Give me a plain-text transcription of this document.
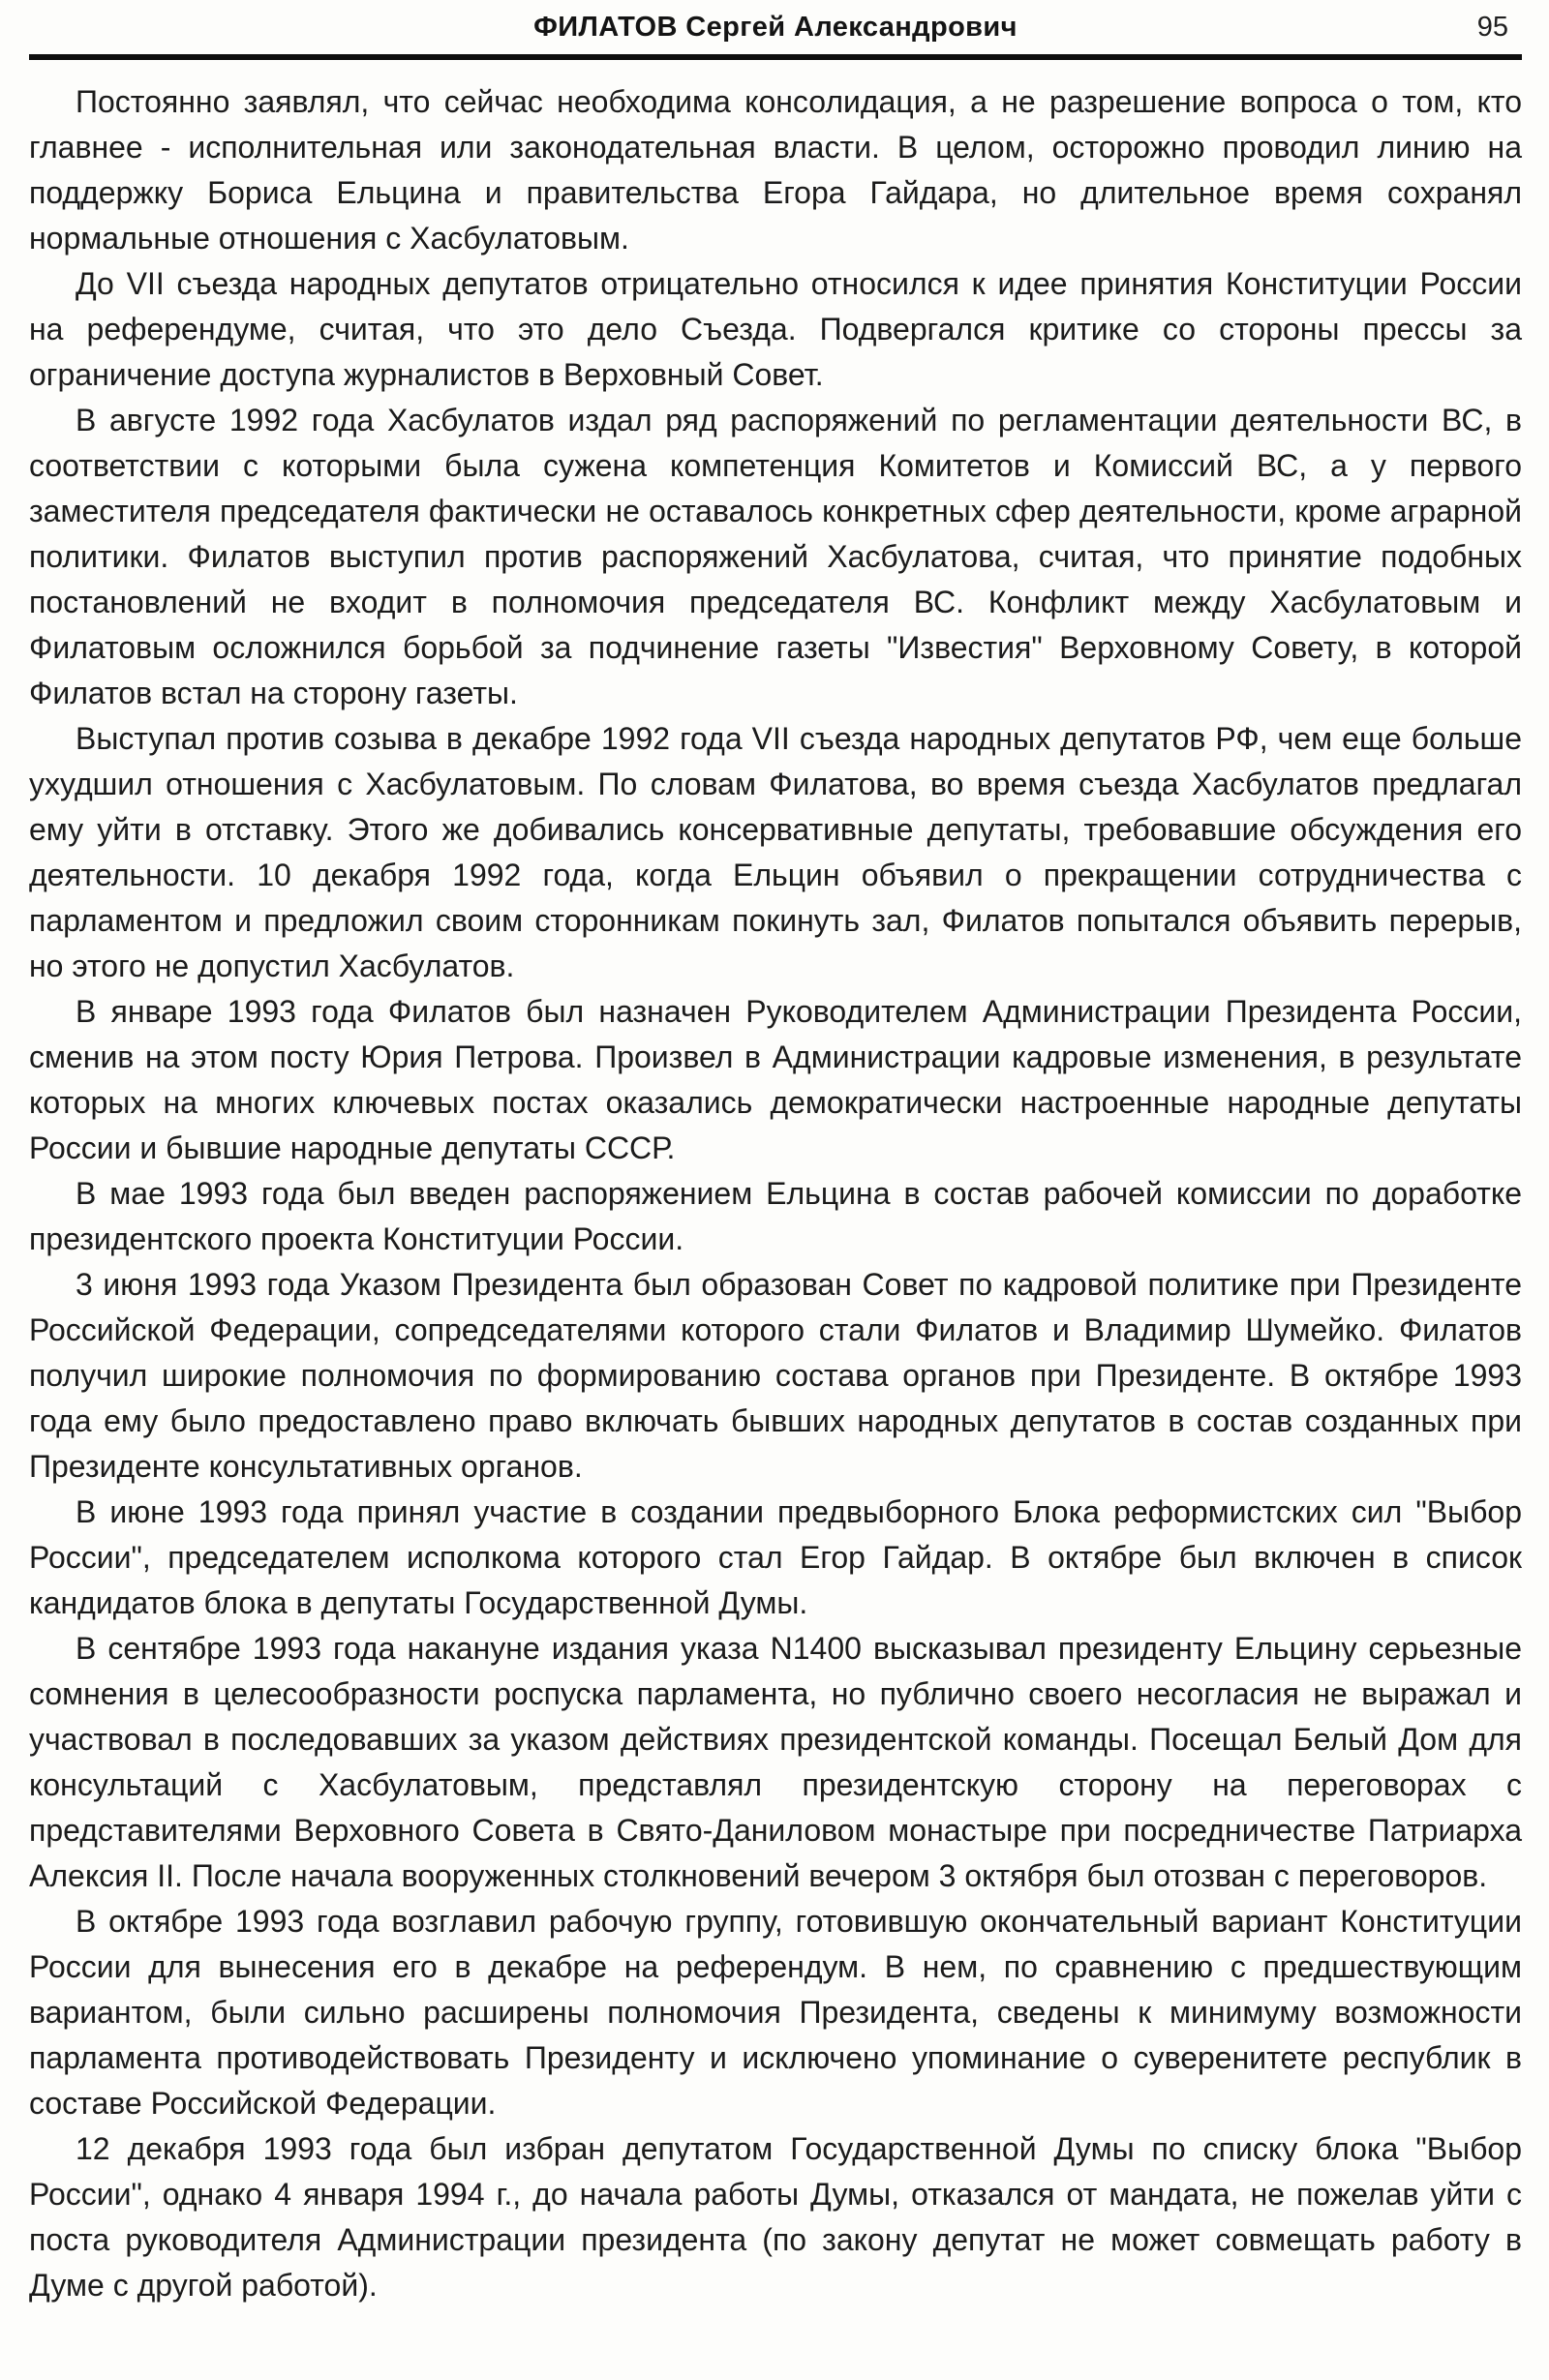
ФИЛАТОВ Сергей Александрович	95

Постоянно заявлял, что сейчас необходима консолидация, а не разрешение вопроса о том, кто главнее - исполнительная или законодательная власти. В целом, осторожно проводил линию на поддержку Бориса Ельцина и правительства Егора Гайдара, но длительное время сохранял нормальные отношения с Хасбулатовым.

До VII съезда народных депутатов отрицательно относился к идее принятия Конституции России на референдуме, считая, что это дело Съезда. Подвергался критике со стороны прессы за ограничение доступа журналистов в Верховный Совет.

В августе 1992 года Хасбулатов издал ряд распоряжений по регламентации деятельности ВС, в соответствии с которыми была сужена компетенция Комитетов и Комиссий ВС, а у первого заместителя председателя фактически не оставалось конкретных сфер деятельности, кроме аграрной политики. Филатов выступил против распоряжений Хасбулатова, считая, что принятие подобных постановлений не входит в полномочия председателя ВС. Конфликт между Хасбулатовым и Филатовым осложнился борьбой за подчинение газеты "Известия" Верховному Совету, в которой Филатов встал на сторону газеты.

Выступал против созыва в декабре 1992 года VII съезда народных депутатов РФ, чем еще больше ухудшил отношения с Хасбулатовым. По словам Филатова, во время съезда Хасбулатов предлагал ему уйти в отставку. Этого же добивались консервативные депутаты, требовавшие обсуждения его деятельности. 10 декабря 1992 года, когда Ельцин объявил о прекращении сотрудничества с парламентом и предложил своим сторонникам покинуть зал, Филатов попытался объявить перерыв, но этого не допустил Хасбулатов.

В январе 1993 года Филатов был назначен Руководителем Администрации Президента России, сменив на этом посту Юрия Петрова. Произвел в Администрации кадровые изменения, в результате которых на многих ключевых постах оказались демократически настроенные народные депутаты России и бывшие народные депутаты СССР.

В мае 1993 года был введен распоряжением Ельцина в состав рабочей комиссии по доработке президентского проекта Конституции России.

3 июня 1993 года Указом Президента был образован Совет по кадровой политике при Президенте Российской Федерации, сопредседателями которого стали Филатов и Владимир Шумейко. Филатов получил широкие полномочия по формированию состава органов при Президенте. В октябре 1993 года ему было предоставлено право включать бывших народных депутатов в состав созданных при Президенте консультативных органов.

В июне 1993 года принял участие в создании предвыборного Блока реформистских сил "Выбор России", председателем исполкома которого стал Егор Гайдар. В октябре был включен в список кандидатов блока в депутаты Государственной Думы.

В сентябре 1993 года накануне издания указа N1400 высказывал президенту Ельцину серьезные сомнения в целесообразности роспуска парламента, но публично своего несогласия не выражал и участвовал в последовавших за указом действиях президентской команды. Посещал Белый Дом для консультаций с Хасбулатовым, представлял президентскую сторону на переговорах с представителями Верховного Совета в Свято-Даниловом монастыре при посредничестве Патриарха Алексия II. После начала вооруженных столкновений вечером 3 октября был отозван с переговоров.

В октябре 1993 года возглавил рабочую группу, готовившую окончательный вариант Конституции России для вынесения его в декабре на референдум. В нем, по сравнению с предшествующим вариантом, были сильно расширены полномочия Президента, сведены к минимуму возможности парламента противодействовать Президенту и исключено упоминание о суверенитете республик в составе Российской Федерации.

12 декабря 1993 года был избран депутатом Государственной Думы по списку блока "Выбор России", однако 4 января 1994 г., до начала работы Думы, отказался от мандата, не пожелав уйти с поста руководителя Администрации президента (по закону депутат не может совмещать работу в Думе с другой работой).
